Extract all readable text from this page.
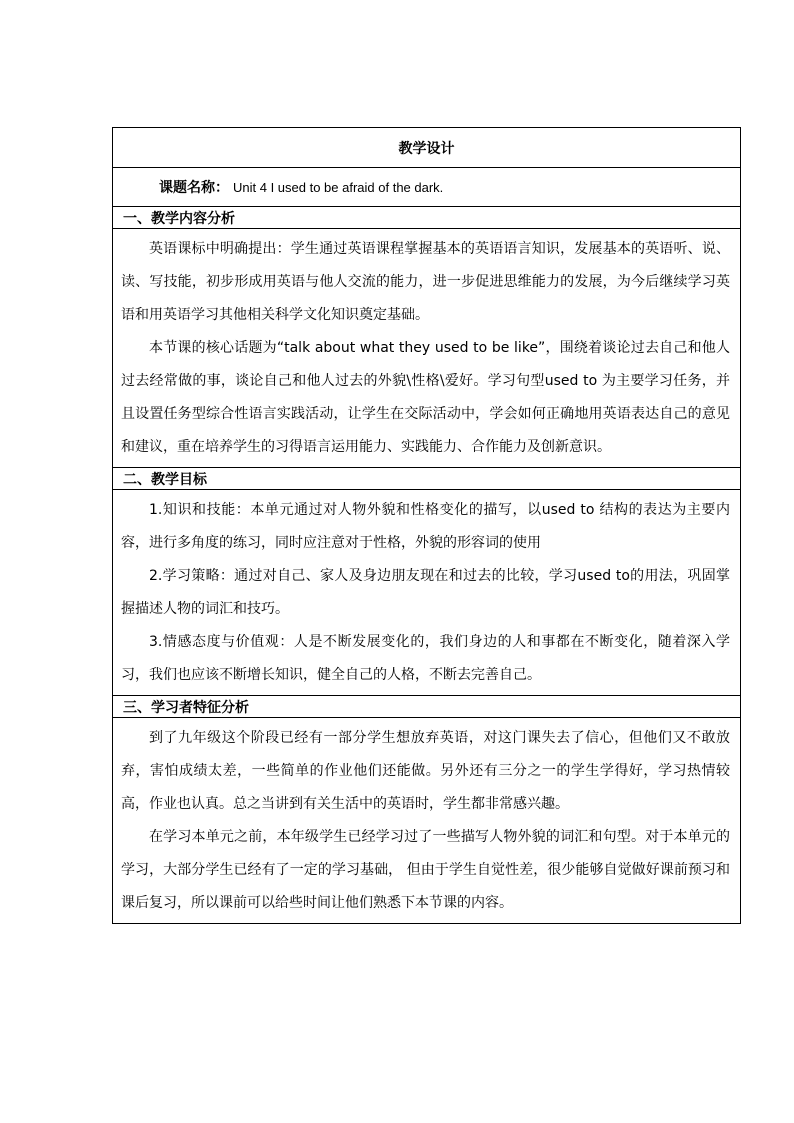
教学设计
课题名称： Unit 4 I used to be afraid of the dark.
一、教学内容分析

英语课标中明确提出：学生通过英语课程掌握基本的英语语言知识，发展基本的英语听、说、读、写技能，初步形成用英语与他人交流的能力，进一步促进思维能力的发展，为今后继续学习英语和用英语学习其他相关科学文化知识奠定基础。

本节课的核心话题为“talk about what they used to be like”，围绕着谈论过去自己和他人过去经常做的事，谈论自己和他人过去的外貌\性格\爱好。学习句型used to 为主要学习任务，并且设置任务型综合性语言实践活动，让学生在交际活动中，学会如何正确地用英语表达自己的意见和建议，重在培养学生的习得语言运用能力、实践能力、合作能力及创新意识。

二、教学目标

1.知识和技能：本单元通过对人物外貌和性格变化的描写，以used to 结构的表达为主要内容，进行多角度的练习，同时应注意对于性格，外貌的形容词的使用

2.学习策略：通过对自己、家人及身边朋友现在和过去的比较，学习used to的用法，巩固掌握描述人物的词汇和技巧。

3.情感态度与价值观：人是不断发展变化的，我们身边的人和事都在不断变化，随着深入学习，我们也应该不断增长知识，健全自己的人格，不断去完善自己。

三、学习者特征分析

到了九年级这个阶段已经有一部分学生想放弃英语，对这门课失去了信心，但他们又不敢放弃，害怕成绩太差，一些简单的作业他们还能做。另外还有三分之一的学生学得好，学习热情较高，作业也认真。总之当讲到有关生活中的英语时，学生都非常感兴趣。

在学习本单元之前，本年级学生已经学习过了一些描写人物外貌的词汇和句型。对于本单元的学习，大部分学生已经有了一定的学习基础， 但由于学生自觉性差，很少能够自觉做好课前预习和课后复习，所以课前可以给些时间让他们熟悉下本节课的内容。
